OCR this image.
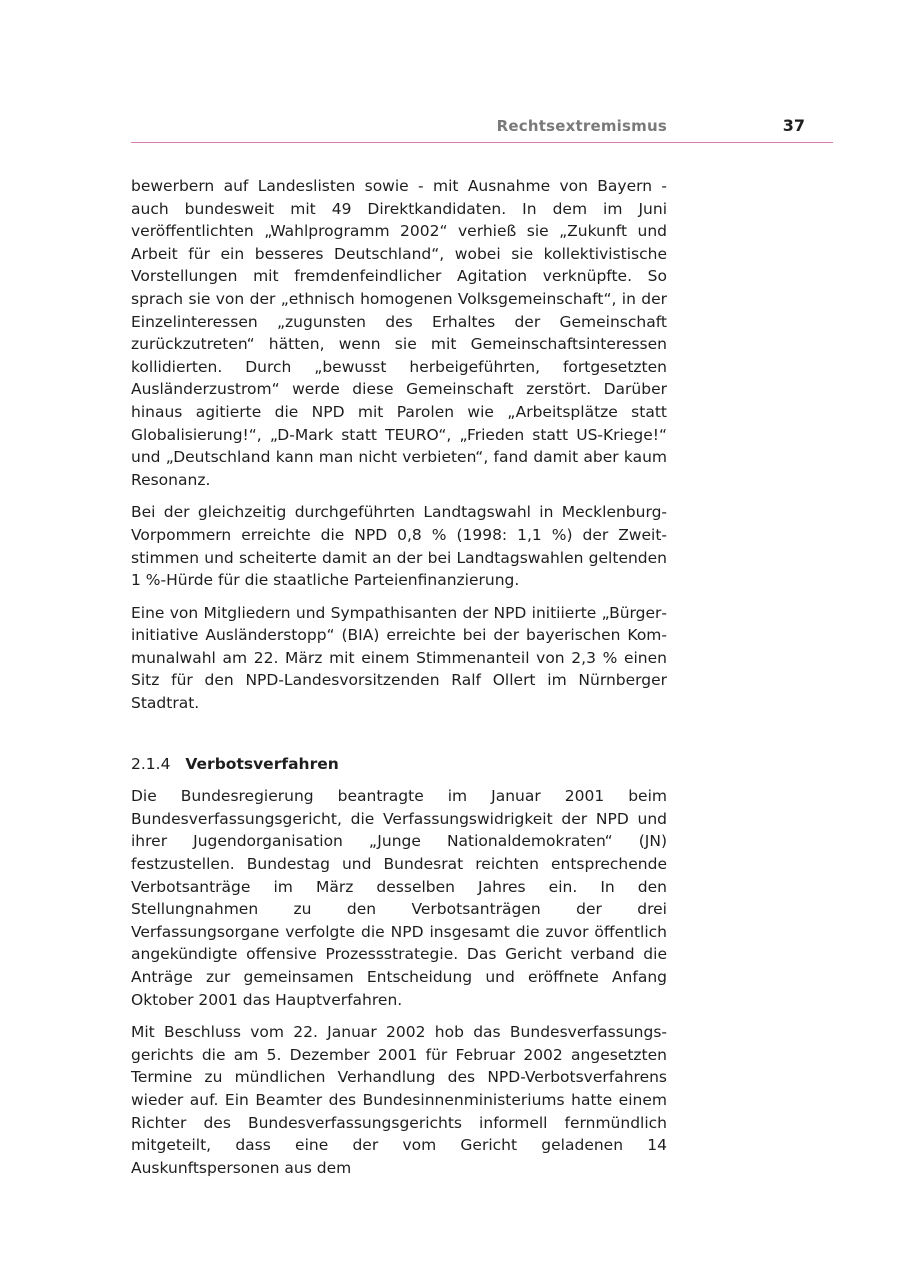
Rechtsextremismus	37

bewerbern auf Landeslisten sowie - mit Ausnahme von Bayern - auch bundesweit mit 49 Direktkandidaten. In dem im Juni veröffentlichten „Wahlprogramm 2002“ verhieß sie „Zukunft und Arbeit für ein besseres Deutschland“, wobei sie kollektivistische Vorstellungen mit fremdenfeindlicher Agitation verknüpfte. So sprach sie von der „ethnisch homogenen Volksgemeinschaft“, in der Einzelinteressen „zugunsten des Erhaltes der Gemeinschaft zurückzutreten“ hätten, wenn sie mit Gemeinschaftsinteressen kollidierten. Durch „bewusst herbeigeführten, fortgesetzten Ausländerzustrom“ werde diese Gemeinschaft zerstört. Darüber hinaus agitierte die NPD mit Parolen wie „Arbeitsplätze statt Globalisierung!“, „D-Mark statt TEURO“, „Frieden statt US-Kriege!“ und „Deutschland kann man nicht verbieten“, fand damit aber kaum Resonanz.

Bei der gleichzeitig durchgeführten Landtagswahl in Mecklenburg-Vorpommern erreichte die NPD 0,8 % (1998: 1,1 %) der Zweitstimmen und scheiterte damit an der bei Landtagswahlen geltenden 1 %-Hürde für die staatliche Parteienfinanzierung.

Eine von Mitgliedern und Sympathisanten der NPD initiierte „Bürgerinitiative Ausländerstopp“ (BIA) erreichte bei der bayerischen Kommunalwahl am 22. März mit einem Stimmenanteil von 2,3 % einen Sitz für den NPD-Landesvorsitzenden Ralf Ollert im Nürnberger Stadtrat.

2.1.4 Verbotsverfahren

Die Bundesregierung beantragte im Januar 2001 beim Bundesverfassungsgericht, die Verfassungswidrigkeit der NPD und ihrer Jugendorganisation „Junge Nationaldemokraten“ (JN) festzustellen. Bundestag und Bundesrat reichten entsprechende Verbotsanträge im März desselben Jahres ein. In den Stellungnahmen zu den Verbotsanträgen der drei Verfassungsorgane verfolgte die NPD insgesamt die zuvor öffentlich angekündigte offensive Prozessstrategie. Das Gericht verband die Anträge zur gemeinsamen Entscheidung und eröffnete Anfang Oktober 2001 das Hauptverfahren.

Mit Beschluss vom 22. Januar 2002 hob das Bundesverfassungsgerichts die am 5. Dezember 2001 für Februar 2002 angesetzten Termine zu mündlichen Verhandlung des NPD-Verbotsverfahrens wieder auf. Ein Beamter des Bundesinnenministeriums hatte einem Richter des Bundesverfassungsgerichts informell fernmündlich mitgeteilt, dass eine der vom Gericht geladenen 14 Auskunftspersonen aus dem
